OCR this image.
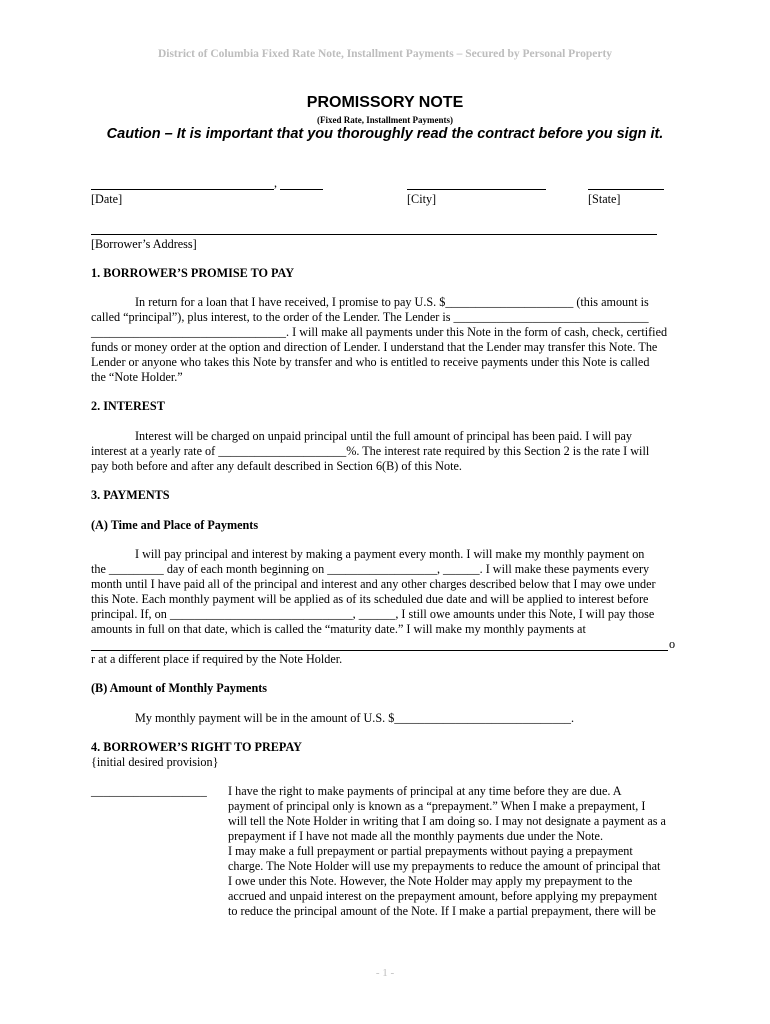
District of Columbia Fixed Rate Note, Installment Payments – Secured by Personal Property
PROMISSORY NOTE
(Fixed Rate, Installment Payments)
Caution – It is important that you thoroughly read the contract before you sign it.
,
[Date]	[City]	[State]
[Borrower’s Address]
1. BORROWER’S PROMISE TO PAY
In return for a loan that I have received, I promise to pay U.S. $_____________________ (this amount is
called “principal”), plus interest, to the order of the Lender. The Lender is ________________________________
________________________________. I will make all payments under this Note in the form of cash, check, certified
funds or money order at the option and direction of Lender. I understand that the Lender may transfer this Note. The
Lender or anyone who takes this Note by transfer and who is entitled to receive payments under this Note is called
the “Note Holder.”
2. INTEREST
Interest will be charged on unpaid principal until the full amount of principal has been paid. I will pay
interest at a yearly rate of _____________________%. The interest rate required by this Section 2 is the rate I will
pay both before and after any default described in Section 6(B) of this Note.
3. PAYMENTS
(A) Time and Place of Payments
I will pay principal and interest by making a payment every month. I will make my monthly payment on
the _________ day of each month beginning on __________________, ______. I will make these payments every
month until I have paid all of the principal and interest and any other charges described below that I may owe under
this Note. Each monthly payment will be applied as of its scheduled due date and will be applied to interest before
principal. If, on ______________________________, ______, I still owe amounts under this Note, I will pay those
amounts in full on that date, which is called the “maturity date.” I will make my monthly payments at
o
r at a different place if required by the Note Holder.
(B) Amount of Monthly Payments
My monthly payment will be in the amount of U.S. $_____________________________.
4. BORROWER’S RIGHT TO PREPAY
{initial desired provision}
___________________ I have the right to make payments of principal at any time before they are due. A
payment of principal only is known as a “prepayment.” When I make a prepayment, I
will tell the Note Holder in writing that I am doing so. I may not designate a payment as a
prepayment if I have not made all the monthly payments due under the Note.
I may make a full prepayment or partial prepayments without paying a prepayment
charge. The Note Holder will use my prepayments to reduce the amount of principal that
I owe under this Note. However, the Note Holder may apply my prepayment to the
accrued and unpaid interest on the prepayment amount, before applying my prepayment
to reduce the principal amount of the Note. If I make a partial prepayment, there will be
- 1 -
